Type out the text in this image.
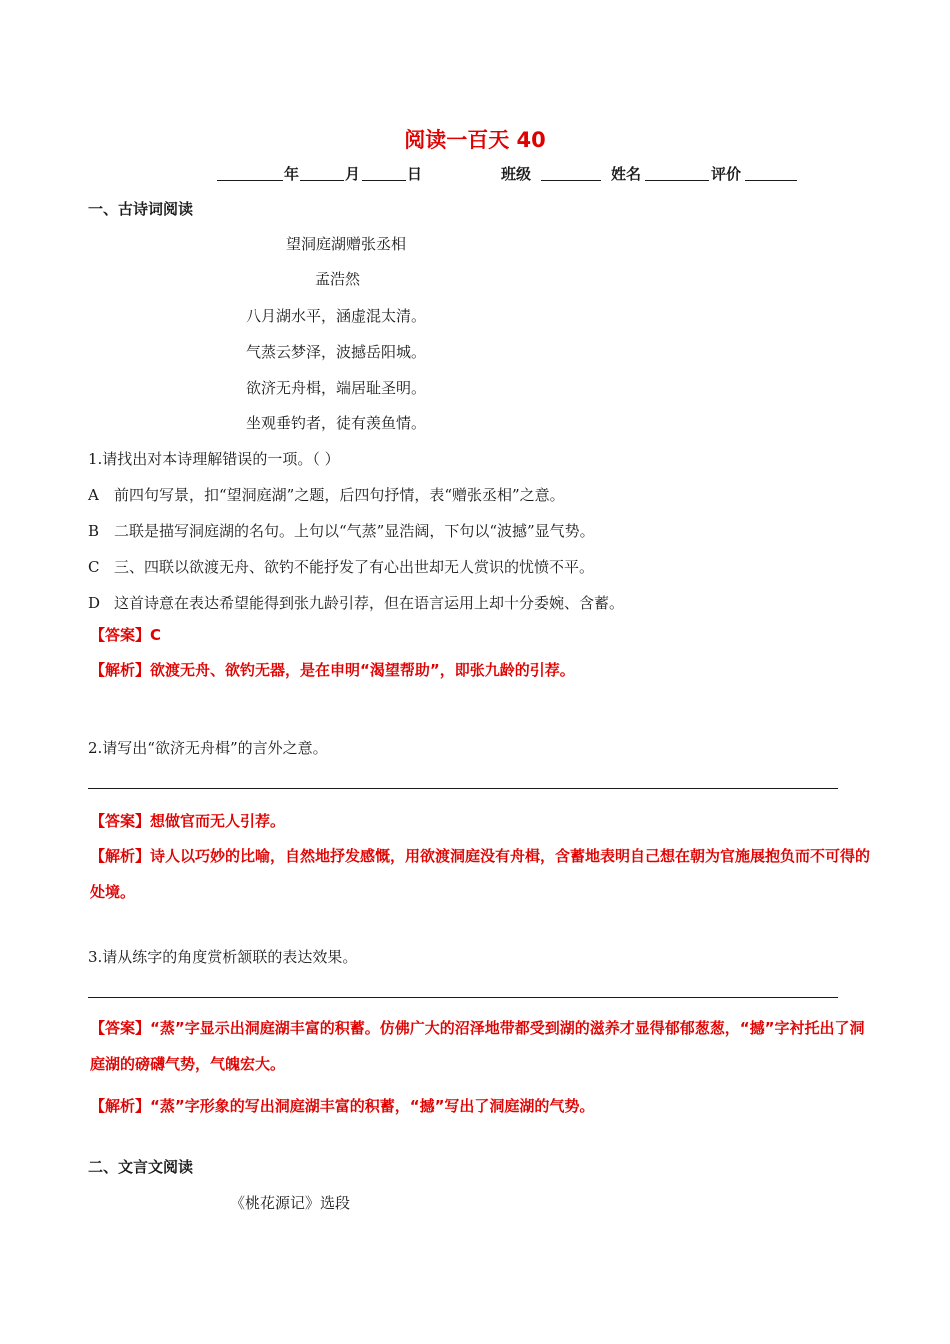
阅读一百天 40
年	月	日	班级	姓名	评价
一、古诗词阅读
望洞庭湖赠张丞相
孟浩然
八月湖水平，涵虚混太清。
气蒸云梦泽，波撼岳阳城。
欲济无舟楫，端居耻圣明。
坐观垂钓者，徒有羡鱼情。
1.请找出对本诗理解错误的一项。（ ）
A 前四句写景，扣“望洞庭湖”之题，后四句抒情，表“赠张丞相”之意。
B 二联是描写洞庭湖的名句。上句以“气蒸”显浩阔，下句以“波撼”显气势。
C 三、四联以欲渡无舟、欲钓不能抒发了有心出世却无人赏识的忧愤不平。
D 这首诗意在表达希望能得到张九龄引荐，但在语言运用上却十分委婉、含蓄。
【答案】C
【解析】欲渡无舟、欲钓无器，是在申明“渴望帮助”，即张九龄的引荐。
2.请写出“欲济无舟楫”的言外之意。
【答案】想做官而无人引荐。
【解析】诗人以巧妙的比喻，自然地抒发感慨，用欲渡洞庭没有舟楫，含蓄地表明自己想在朝为官施展抱负而不可得的处境。
3.请从练字的角度赏析颔联的表达效果。
【答案】“蒸”字显示出洞庭湖丰富的积蓄。仿佛广大的沼泽地带都受到湖的滋养才显得郁郁葱葱，“撼”字衬托出了洞庭湖的磅礴气势，气魄宏大。
【解析】“蒸”字形象的写出洞庭湖丰富的积蓄，“撼”写出了洞庭湖的气势。
二、文言文阅读
《桃花源记》选段
